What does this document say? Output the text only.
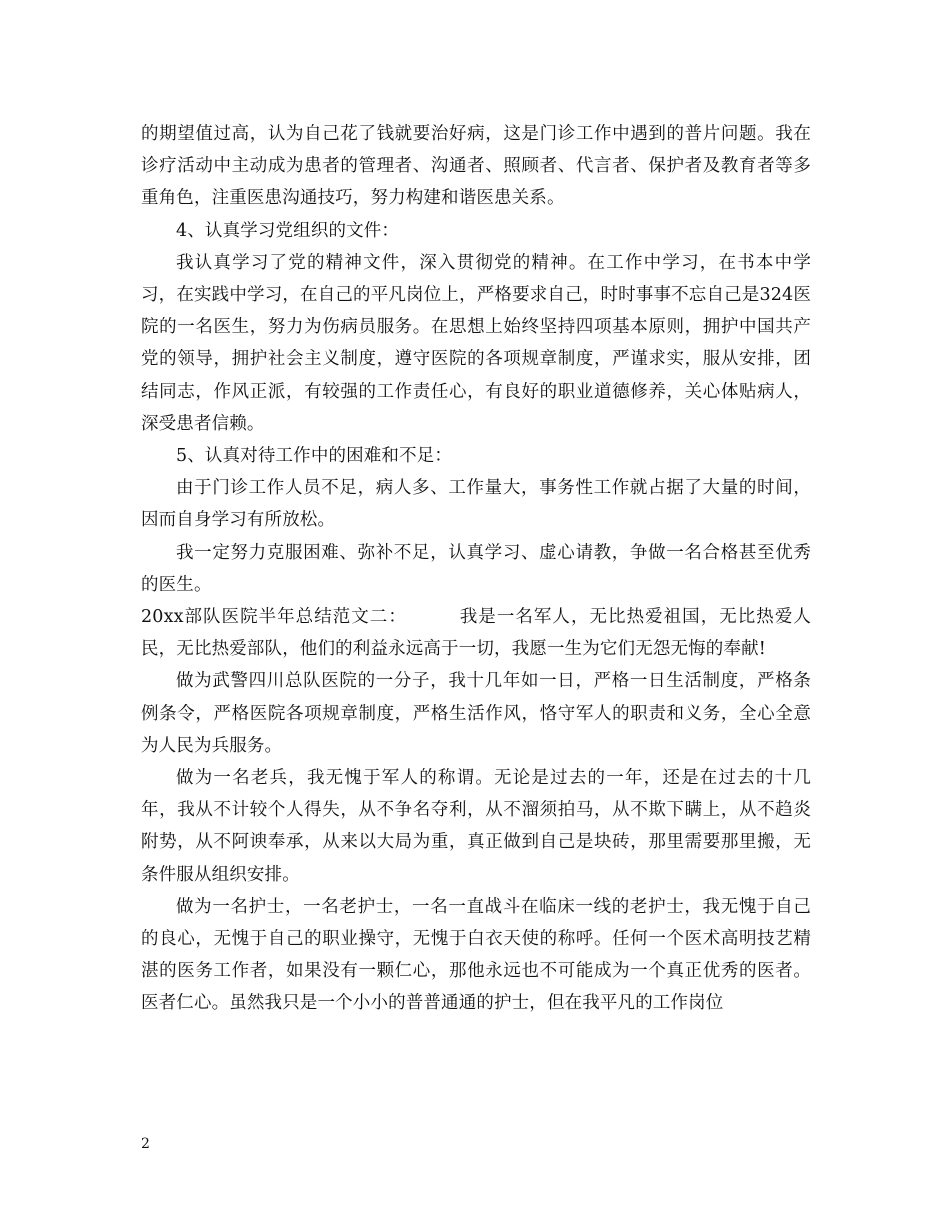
的期望值过高，认为自己花了钱就要治好病，这是门诊工作中遇到的普片问题。我在诊疗活动中主动成为患者的管理者、沟通者、照顾者、代言者、保护者及教育者等多重角色，注重医患沟通技巧，努力构建和谐医患关系。

4、认真学习党组织的文件：

我认真学习了党的精神文件，深入贯彻党的精神。在工作中学习，在书本中学习，在实践中学习，在自己的平凡岗位上，严格要求自己，时时事事不忘自己是324医院的一名医生，努力为伤病员服务。在思想上始终坚持四项基本原则，拥护中国共产党的领导，拥护社会主义制度，遵守医院的各项规章制度，严谨求实，服从安排，团结同志，作风正派，有较强的工作责任心，有良好的职业道德修养，关心体贴病人，深受患者信赖。

5、认真对待工作中的困难和不足：

由于门诊工作人员不足，病人多、工作量大，事务性工作就占据了大量的时间，因而自身学习有所放松。

我一定努力克服困难、弥补不足，认真学习、虚心请教，争做一名合格甚至优秀的医生。

20xx部队医院半年总结范文二：	我是一名军人，无比热爱祖国，无比热爱人民，无比热爱部队，他们的利益永远高于一切，我愿一生为它们无怨无悔的奉献!

做为武警四川总队医院的一分子，我十几年如一日，严格一日生活制度，严格条例条令，严格医院各项规章制度，严格生活作风，恪守军人的职责和义务，全心全意为人民为兵服务。

做为一名老兵，我无愧于军人的称谓。无论是过去的一年，还是在过去的十几年，我从不计较个人得失，从不争名夺利，从不溜须拍马，从不欺下瞒上，从不趋炎附势，从不阿谀奉承，从来以大局为重，真正做到自己是块砖，那里需要那里搬，无条件服从组织安排。

做为一名护士，一名老护士，一名一直战斗在临床一线的老护士，我无愧于自己的良心，无愧于自己的职业操守，无愧于白衣天使的称呼。任何一个医术高明技艺精湛的医务工作者，如果没有一颗仁心，那他永远也不可能成为一个真正优秀的医者。医者仁心。虽然我只是一个小小的普普通通的护士，但在我平凡的工作岗位

2
